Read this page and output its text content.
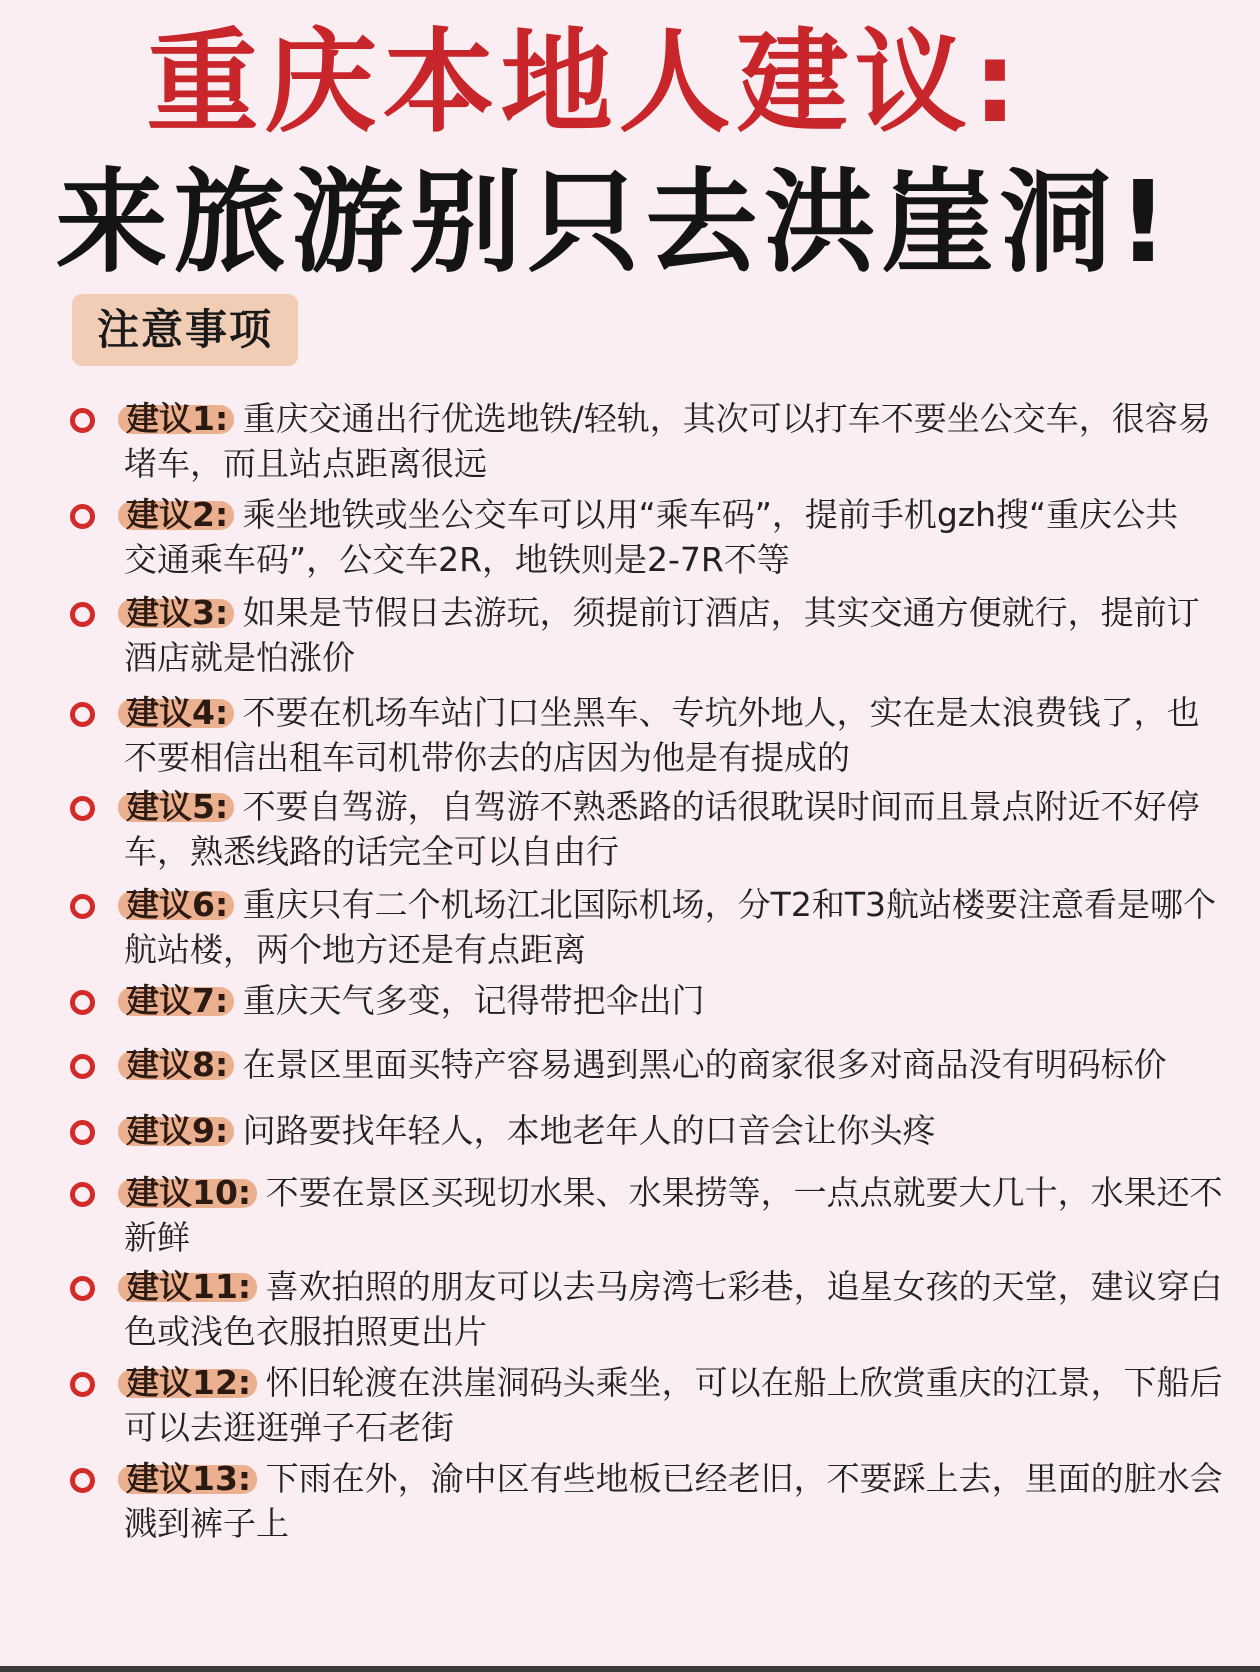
重庆本地人建议:
来旅游别只去洪崖洞!
注意事项
建议1: 重庆交通出行优选地铁/轻轨，其次可以打车不要坐公交车，很容易
堵车，而且站点距离很远
建议2: 乘坐地铁或坐公交车可以用“乘车码”，提前手机gzh搜“重庆公共
交通乘车码”，公交车2R，地铁则是2-7R不等
建议3: 如果是节假日去游玩，须提前订酒店，其实交通方便就行，提前订
酒店就是怕涨价
建议4: 不要在机场车站门口坐黑车、专坑外地人，实在是太浪费钱了，也
不要相信出租车司机带你去的店因为他是有提成的
建议5: 不要自驾游，自驾游不熟悉路的话很耽误时间而且景点附近不好停
车，熟悉线路的话完全可以自由行
建议6: 重庆只有二个机场江北国际机场，分T2和T3航站楼要注意看是哪个
航站楼，两个地方还是有点距离
建议7: 重庆天气多变，记得带把伞出门
建议8: 在景区里面买特产容易遇到黑心的商家很多对商品没有明码标价
建议9: 问路要找年轻人，本地老年人的口音会让你头疼
建议10: 不要在景区买现切水果、水果捞等，一点点就要大几十，水果还不
新鲜
建议11: 喜欢拍照的朋友可以去马房湾七彩巷，追星女孩的天堂，建议穿白
色或浅色衣服拍照更出片
建议12: 怀旧轮渡在洪崖洞码头乘坐，可以在船上欣赏重庆的江景，下船后
可以去逛逛弹子石老街
建议13: 下雨在外，渝中区有些地板已经老旧，不要踩上去，里面的脏水会
溅到裤子上
